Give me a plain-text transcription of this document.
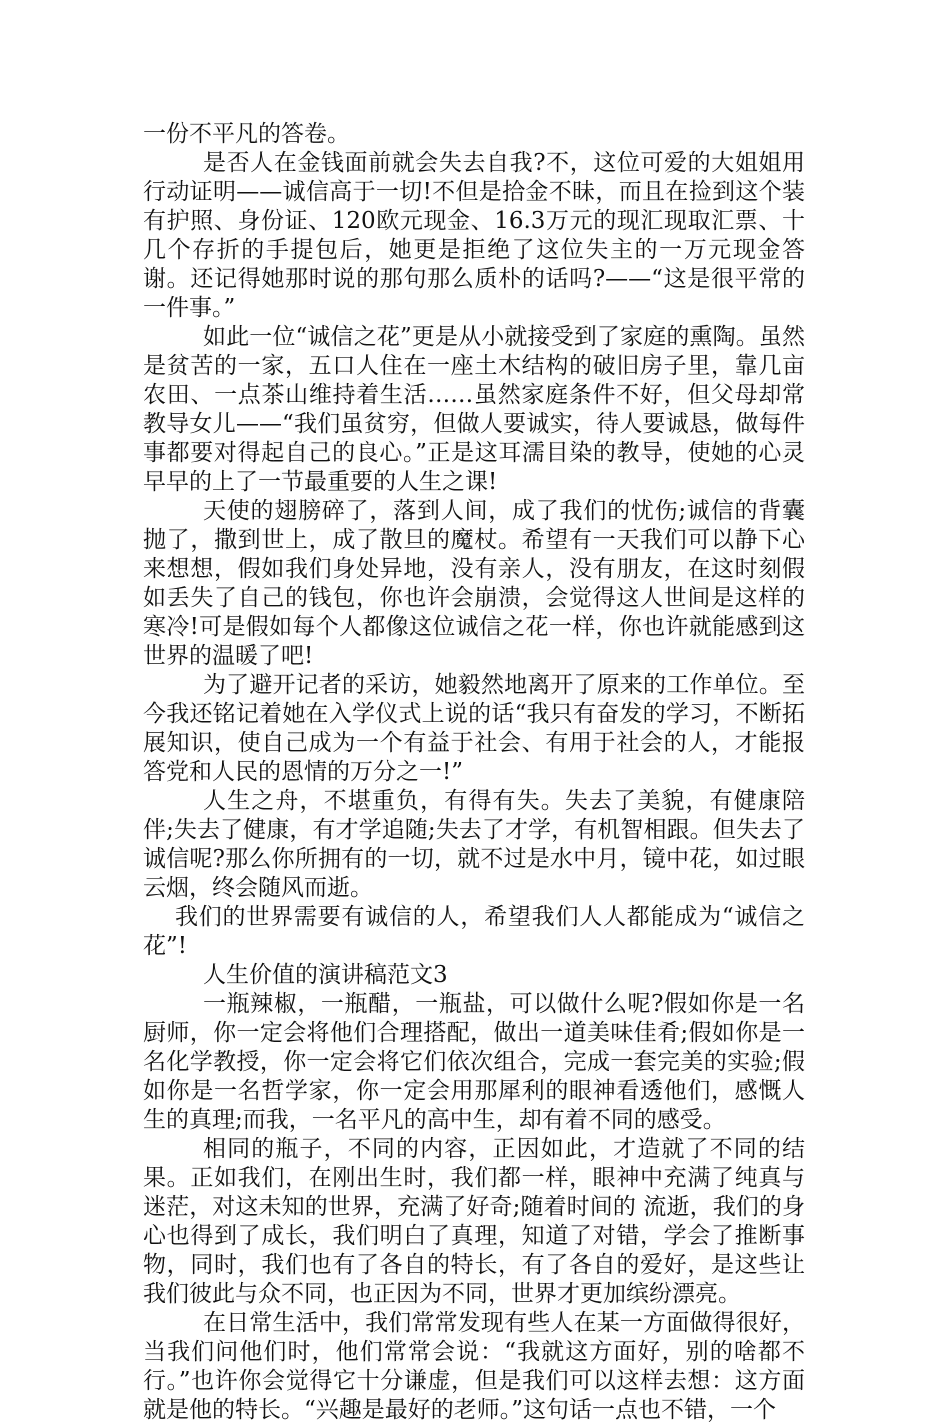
一份不平凡的答卷。

是否人在金钱面前就会失去自我?不，这位可爱的大姐姐用行动证明——诚信高于一切!不但是拾金不昧，而且在捡到这个装有护照、身份证、120欧元现金、16.3万元的现汇现取汇票、十几个存折的手提包后，她更是拒绝了这位失主的一万元现金答谢。还记得她那时说的那句那么质朴的话吗?——“这是很平常的一件事。”

如此一位“诚信之花”更是从小就接受到了家庭的熏陶。虽然是贫苦的一家，五口人住在一座土木结构的破旧房子里，靠几亩农田、一点茶山维持着生活……虽然家庭条件不好，但父母却常教导女儿——“我们虽贫穷，但做人要诚实，待人要诚恳，做每件事都要对得起自己的良心。”正是这耳濡目染的教导，使她的心灵早早的上了一节最重要的人生之课!

天使的翅膀碎了，落到人间，成了我们的忧伤;诚信的背囊抛了，撒到世上，成了散旦的魔杖。希望有一天我们可以静下心来想想，假如我们身处异地，没有亲人，没有朋友，在这时刻假如丢失了自己的钱包，你也许会崩溃，会觉得这人世间是这样的寒冷!可是假如每个人都像这位诚信之花一样，你也许就能感到这世界的温暖了吧!

为了避开记者的采访，她毅然地离开了原来的工作单位。至今我还铭记着她在入学仪式上说的话“我只有奋发的学习，不断拓展知识，使自己成为一个有益于社会、有用于社会的人，才能报答党和人民的恩情的万分之一!”

人生之舟，不堪重负，有得有失。失去了美貌，有健康陪伴;失去了健康，有才学追随;失去了才学，有机智相跟。但失去了诚信呢?那么你所拥有的一切，就不过是水中月，镜中花，如过眼云烟，终会随风而逝。

我们的世界需要有诚信的人，希望我们人人都能成为“诚信之花”!

人生价值的演讲稿范文3

一瓶辣椒，一瓶醋，一瓶盐，可以做什么呢?假如你是一名厨师，你一定会将他们合理搭配，做出一道美味佳肴;假如你是一名化学教授，你一定会将它们依次组合，完成一套完美的实验;假如你是一名哲学家，你一定会用那犀利的眼神看透他们，感慨人生的真理;而我，一名平凡的高中生，却有着不同的感受。

相同的瓶子，不同的内容，正因如此，才造就了不同的结果。正如我们，在刚出生时，我们都一样，眼神中充满了纯真与迷茫，对这未知的世界，充满了好奇;随着时间的 流逝，我们的身心也得到了成长，我们明白了真理，知道了对错，学会了推断事物，同时，我们也有了各自的特长，有了各自的爱好，是这些让我们彼此与众不同，也正因为不同，世界才更加缤纷漂亮。

在日常生活中，我们常常发现有些人在某一方面做得很好，当我们问他们时，他们常常会说：“我就这方面好，别的啥都不行。”也许你会觉得它十分谦虚，但是我们可以这样去想：这方面就是他的特长。“兴趣是最好的老师。”这句话一点也不错，一个
